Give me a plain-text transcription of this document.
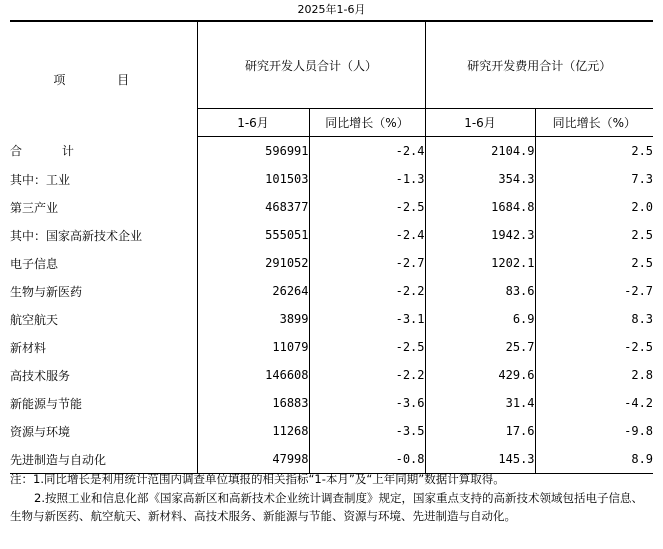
2025年1-6月
项 目	研究开发人员合计（人）		研究开发费用合计（亿元）	
	1-6月	同比增长（%）	1-6月	同比增长（%）
合 计	596991	-2.4	2104.9	2.5
其中：工业	101503	-1.3	354.3	7.3
第三产业	468377	-2.5	1684.8	2.0
其中：国家高新技术企业	555051	-2.4	1942.3	2.5
电子信息	291052	-2.7	1202.1	2.5
生物与新医药	26264	-2.2	83.6	-2.7
航空航天	3899	-3.1	6.9	8.3
新材料	11079	-2.5	25.7	-2.5
高技术服务	146608	-2.2	429.6	2.8
新能源与节能	16883	-3.6	31.4	-4.2
资源与环境	11268	-3.5	17.6	-9.8
先进制造与自动化	47998	-0.8	145.3	8.9

注：1.同比增长是利用统计范围内调查单位填报的相关指标“1-本月”及“上年同期”数据计算取得。

2.按照工业和信息化部《国家高新区和高新技术企业统计调查制度》规定，国家重点支持的高新技术领域包括电子信息、生物与新医药、航空航天、新材料、高技术服务、新能源与节能、资源与环境、先进制造与自动化。
